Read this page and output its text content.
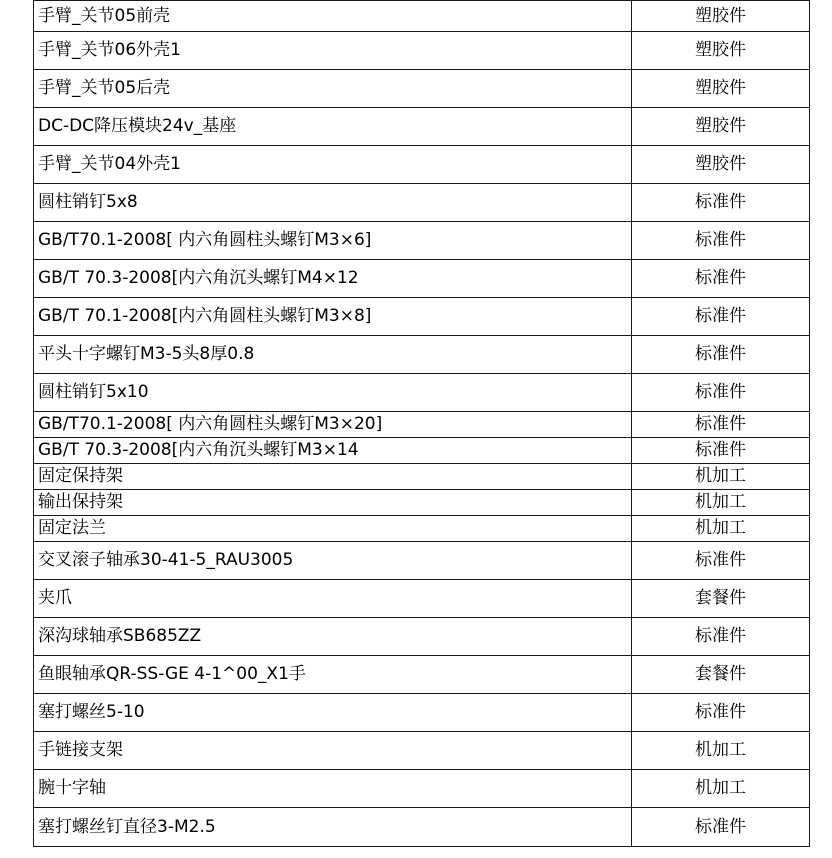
手臂_关节05前壳	塑胶件
手臂_关节06外壳1	塑胶件
手臂_关节05后壳	塑胶件
DC-DC降压模块24v_基座	塑胶件
手臂_关节04外壳1	塑胶件
圆柱销钉5x8	标准件
GB/T70.1-2008[ 内六角圆柱头螺钉M3×6]	标准件
GB/T 70.3-2008[内六角沉头螺钉M4×12	标准件
GB/T 70.1-2008[内六角圆柱头螺钉M3×8]	标准件
平头十字螺钉M3-5头8厚0.8	标准件
圆柱销钉5x10	标准件
GB/T70.1-2008[ 内六角圆柱头螺钉M3×20]	标准件
GB/T 70.3-2008[内六角沉头螺钉M3×14	标准件
固定保持架	机加工
输出保持架	机加工
固定法兰	机加工
交叉滚子轴承30-41-5_RAU3005	标准件
夹爪	套餐件
深沟球轴承SB685ZZ	标准件
鱼眼轴承QR-SS-GE 4-1^00_X1手	套餐件
塞打螺丝5-10	标准件
手链接支架	机加工
腕十字轴	机加工
塞打螺丝钉直径3-M2.5	标准件
